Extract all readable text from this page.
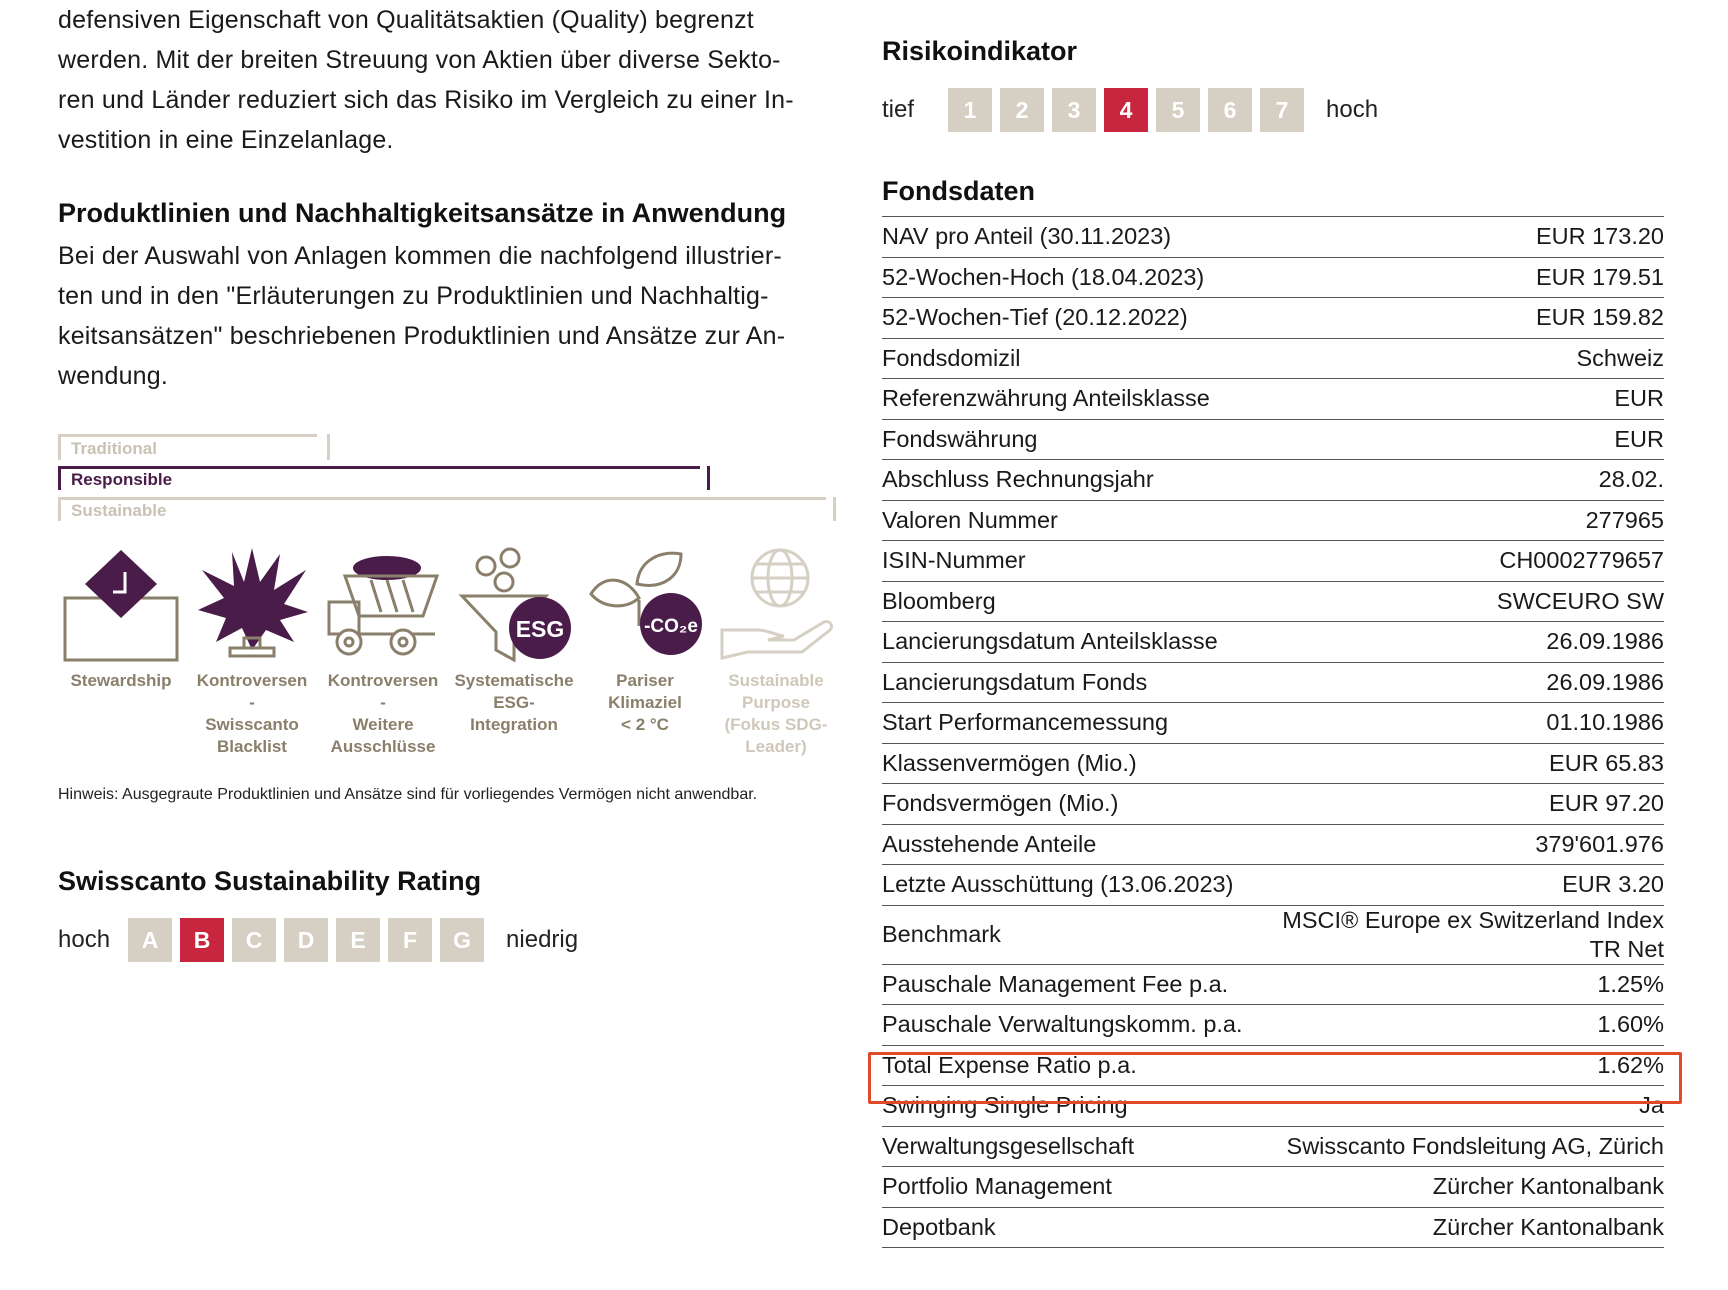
defensiven Eigenschaft von Qualitätsaktien (Quality) begrenzt
werden. Mit der breiten Streuung von Aktien über diverse Sekto-
ren und Länder reduziert sich das Risiko im Vergleich zu einer In-
vestition in eine Einzelanlage.

Produktlinien und Nachhaltigkeitsansätze in Anwendung

Bei der Auswahl von Anlagen kommen die nachfolgend illustrier-
ten und in den "Erläuterungen zu Produktlinien und Nachhaltig-
keitsansätzen" beschriebenen Produktlinien und Ansätze zur An-
wendung.

Traditional
Responsible
Sustainable
Stewardship	Kontroversen
-
Swisscanto
Blacklist
Kontroversen
-
Weitere
Ausschlüsse
ESG
Systematische
ESG-
Integration
-CO₂e
Pariser
Klimaziel
< 2 °C
Sustainable
Purpose
(Fokus SDG-
Leader)

Hinweis: Ausgegraute Produktlinien und Ansätze sind für vorliegendes Vermögen nicht anwendbar.

Swisscanto Sustainability Rating
hoch	A	B	C	D	E	F	G	niedrig
Risikoindikator
tief	1	2	3	4	5	6	7	hoch
Fondsdaten
NAV pro Anteil (30.11.2023)	EUR 173.20
52-Wochen-Hoch (18.04.2023)	EUR 179.51
52-Wochen-Tief (20.12.2022)	EUR 159.82
Fondsdomizil	Schweiz
Referenzwährung Anteilsklasse	EUR
Fondswährung	EUR
Abschluss Rechnungsjahr	28.02.
Valoren Nummer	277965
ISIN-Nummer	CH0002779657
Bloomberg	SWCEURO SW
Lancierungsdatum Anteilsklasse	26.09.1986
Lancierungsdatum Fonds	26.09.1986
Start Performancemessung	01.10.1986
Klassenvermögen (Mio.)	EUR 65.83
Fondsvermögen (Mio.)	EUR 97.20
Ausstehende Anteile	379'601.976
Letzte Ausschüttung (13.06.2023)	EUR 3.20
Benchmark	MSCI® Europe ex Switzerland Index
TR Net
Pauschale Management Fee p.a.	1.25%
Pauschale Verwaltungskomm. p.a.	1.60%
Total Expense Ratio p.a.	1.62%
Swinging Single Pricing	Ja
Verwaltungsgesellschaft	Swisscanto Fondsleitung AG, Zürich
Portfolio Management	Zürcher Kantonalbank
Depotbank	Zürcher Kantonalbank
